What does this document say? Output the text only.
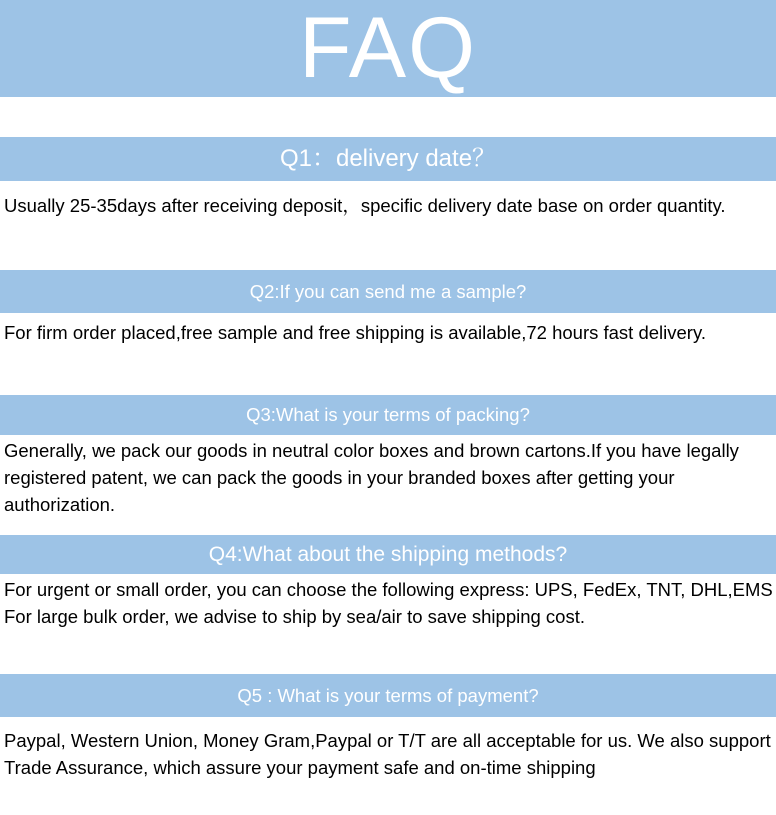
FAQ
Q1：delivery date？

Usually 25-35days after receiving deposit，specific delivery date base on order quantity.

Q2:If you can send me a sample?

For firm order placed,free sample and free shipping is available,72 hours fast delivery.

Q3:What is your terms of packing?

Generally, we pack our goods in neutral color boxes and brown cartons.If you have legally registered patent, we can pack the goods in your branded boxes after getting your authorization.

Q4:What about the shipping methods?

For urgent or small order, you can choose the following express: UPS, FedEx, TNT, DHL,EMS For large bulk order, we advise to ship by sea/air to save shipping cost.

Q5 : What is your terms of payment?

Paypal, Western Union, Money Gram,Paypal or T/T are all acceptable for us. We also support Trade Assurance, which assure your payment safe and on-time shipping
